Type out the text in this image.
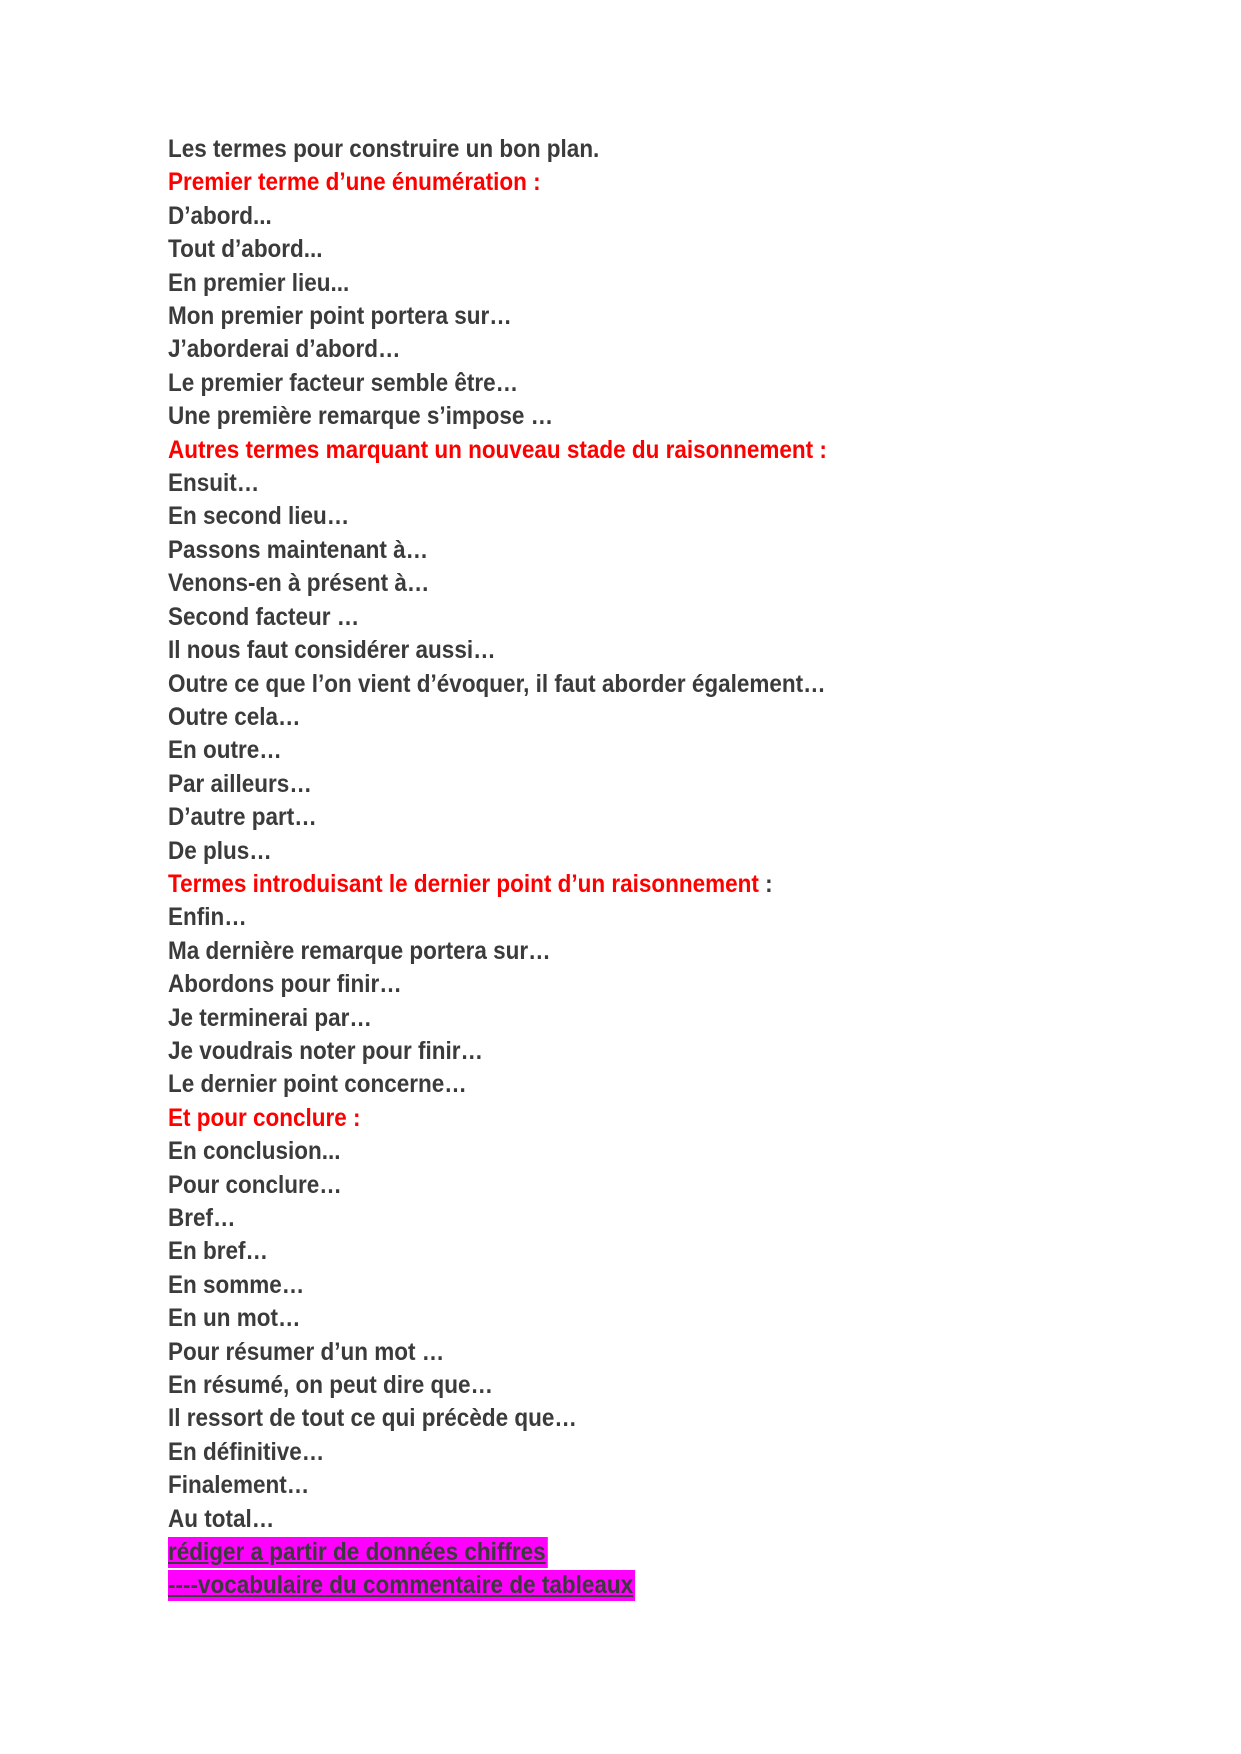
Les termes pour construire un bon plan.
Premier terme d’une énumération :
D’abord...
Tout d’abord...
En premier lieu...
Mon premier point portera sur…
J’aborderai d’abord…
Le premier facteur semble être…
Une première remarque s’impose …
Autres termes marquant un nouveau stade du raisonnement :
Ensuit…
En second lieu…
Passons maintenant à…
Venons-en à présent à…
Second facteur …
Il nous faut considérer aussi…
Outre ce que l’on vient d’évoquer, il faut aborder également…
Outre cela…
En outre…
Par ailleurs…
D’autre part…
De plus…
Termes introduisant le dernier point d’un raisonnement :
Enfin…
Ma dernière remarque portera sur…
Abordons pour finir…
Je terminerai par…
Je voudrais noter pour finir…
Le dernier point concerne…
Et pour conclure :
En conclusion...
Pour conclure…
Bref…
En bref…
En somme…
En un mot…
Pour résumer d’un mot …
En résumé, on peut dire que…
Il ressort de tout ce qui précède que…
En définitive…
Finalement…
Au total…
rédiger a partir de données chiffres
----vocabulaire du commentaire de tableaux
